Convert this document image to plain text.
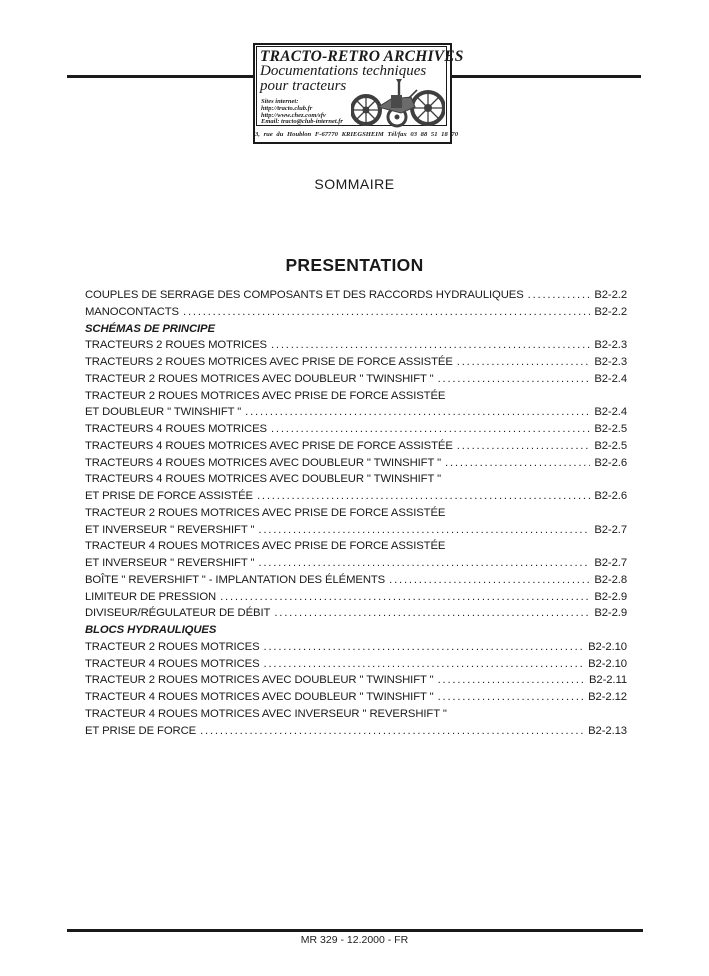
TRACTO-RETRO ARCHIVES
Documentations techniques
pour tracteurs
Sites internet:
http://tracto.club.fr
http://www.chez.com/sfv
Email: tracto@club-internet.fr
3, rue du Houblon F-67770 KRIEGSHEIM Tél/fax 03 88 51 18 70
SOMMAIRE
PRESENTATION
COUPLES DE SERRAGE DES COMPOSANTS ET DES RACCORDS HYDRAULIQUES .....	B2-2.2
MANOCONTACTS .....	B2-2.2
SCHÉMAS DE PRINCIPE
TRACTEURS 2 ROUES MOTRICES .....	B2-2.3
TRACTEURS 2 ROUES MOTRICES AVEC PRISE DE FORCE ASSISTÉE .....	B2-2.3
TRACTEUR 2 ROUES MOTRICES AVEC DOUBLEUR " TWINSHIFT " .....	B2-2.4
TRACTEUR 2 ROUES MOTRICES AVEC PRISE DE FORCE ASSISTÉE
ET DOUBLEUR " TWINSHIFT " .....	B2-2.4
TRACTEURS 4 ROUES MOTRICES .....	B2-2.5
TRACTEURS 4 ROUES MOTRICES AVEC PRISE DE FORCE ASSISTÉE .....	B2-2.5
TRACTEURS 4 ROUES MOTRICES AVEC DOUBLEUR " TWINSHIFT " .....	B2-2.6
TRACTEURS 4 ROUES MOTRICES AVEC DOUBLEUR " TWINSHIFT "
ET PRISE DE FORCE ASSISTÉE .....	B2-2.6
TRACTEUR 2 ROUES MOTRICES AVEC PRISE DE FORCE ASSISTÉE
ET INVERSEUR " REVERSHIFT " .....	B2-2.7
TRACTEUR 4 ROUES MOTRICES AVEC PRISE DE FORCE ASSISTÉE
ET INVERSEUR " REVERSHIFT " .....	B2-2.7
BOÎTE " REVERSHIFT " - IMPLANTATION DES ÉLÉMENTS .....	B2-2.8
LIMITEUR DE PRESSION .....	B2-2.9
DIVISEUR/RÉGULATEUR DE DÉBIT .....	B2-2.9
BLOCS HYDRAULIQUES
TRACTEUR 2 ROUES MOTRICES .....	B2-2.10
TRACTEUR 4 ROUES MOTRICES .....	B2-2.10
TRACTEUR 2 ROUES MOTRICES AVEC DOUBLEUR " TWINSHIFT " .....	B2-2.11
TRACTEUR 4 ROUES MOTRICES AVEC DOUBLEUR " TWINSHIFT " .....	B2-2.12
TRACTEUR 4 ROUES MOTRICES AVEC INVERSEUR " REVERSHIFT "
ET PRISE DE FORCE .....	B2-2.13
MR 329 - 12.2000 - FR
